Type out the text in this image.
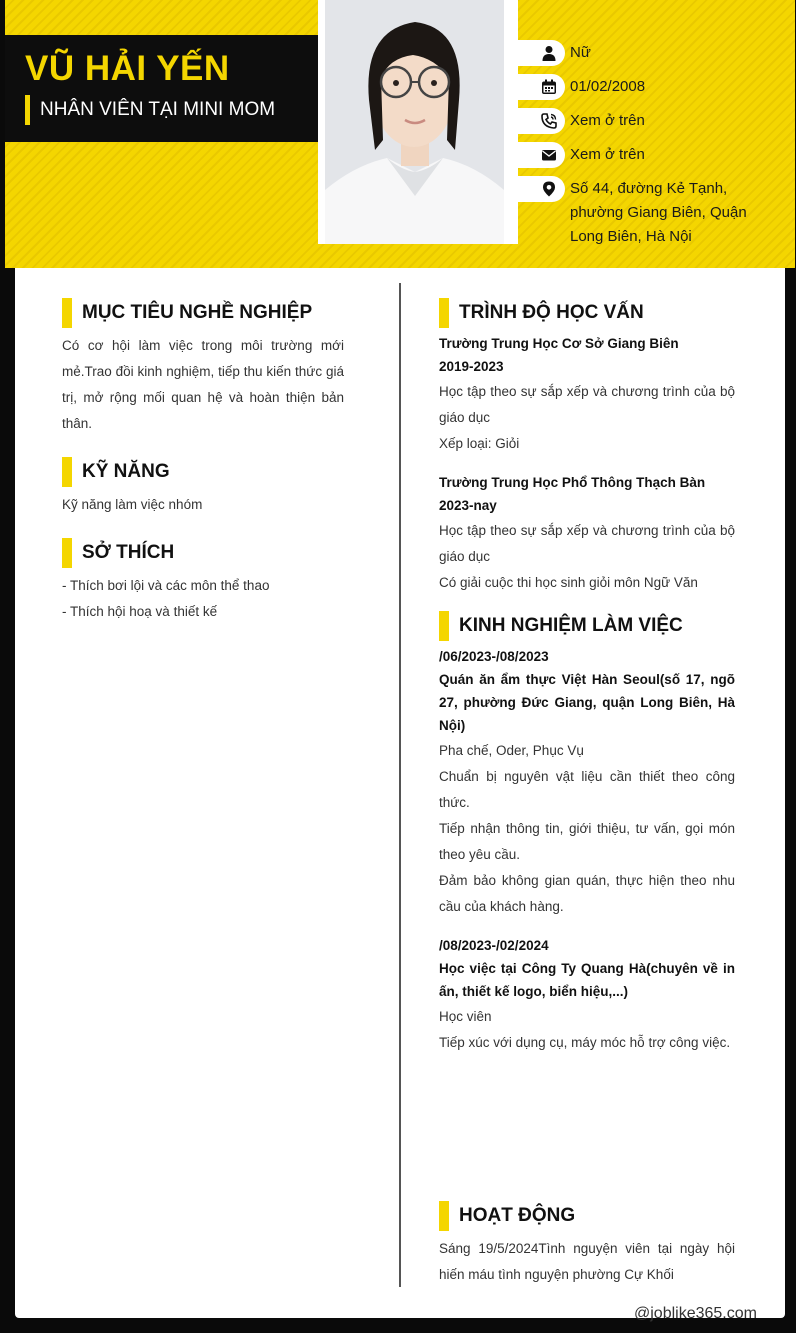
VŨ HẢI YẾN
NHÂN VIÊN TẠI MINI MOM
Nữ
01/02/2008
Xem ở trên
Xem ở trên
Số 44, đường Kẻ Tạnh, phường Giang Biên, Quận Long Biên, Hà Nội
MỤC TIÊU NGHỀ NGHIỆP
Có cơ hội làm việc trong môi trường mới mẻ.Trao đồi kinh nghiệm, tiếp thu kiến thức giá trị, mở rộng mối quan hệ và hoàn thiện bản thân.
KỸ NĂNG
Kỹ năng làm việc nhóm
SỞ THÍCH
- Thích bơi lội và các môn thể thao
- Thích hội hoạ và thiết kế
TRÌNH ĐỘ HỌC VẤN
Trường Trung Học Cơ Sở Giang Biên
2019-2023
Học tập theo sự sắp xếp và chương trình của bộ giáo dục
Xếp loại: Giỏi
Trường Trung Học Phổ Thông Thạch Bàn
2023-nay
Học tập theo sự sắp xếp và chương trình của bộ giáo dục
Có giải cuộc thi học sinh giỏi môn Ngữ Văn
KINH NGHIỆM LÀM VIỆC
/06/2023-/08/2023
Quán ăn ẩm thực Việt Hàn Seoul(số 17, ngõ 27, phường Đức Giang, quận Long Biên, Hà Nội)
Pha chế, Oder, Phục Vụ
Chuẩn bị nguyên vật liệu cần thiết theo công thức.
Tiếp nhận thông tin, giới thiệu, tư vấn, gọi món theo yêu cầu.
Đảm bảo không gian quán, thực hiện theo nhu cầu của khách hàng.
/08/2023-/02/2024
Học việc tại Công Ty Quang Hà(chuyên về in ấn, thiết kế logo, biển hiệu,...)
Học viên
Tiếp xúc với dụng cụ, máy móc hỗ trợ công việc.
HOẠT ĐỘNG
Sáng 19/5/2024Tình nguyện viên tại ngày hội hiến máu tình nguyện phường Cự Khối
@joblike365.com
